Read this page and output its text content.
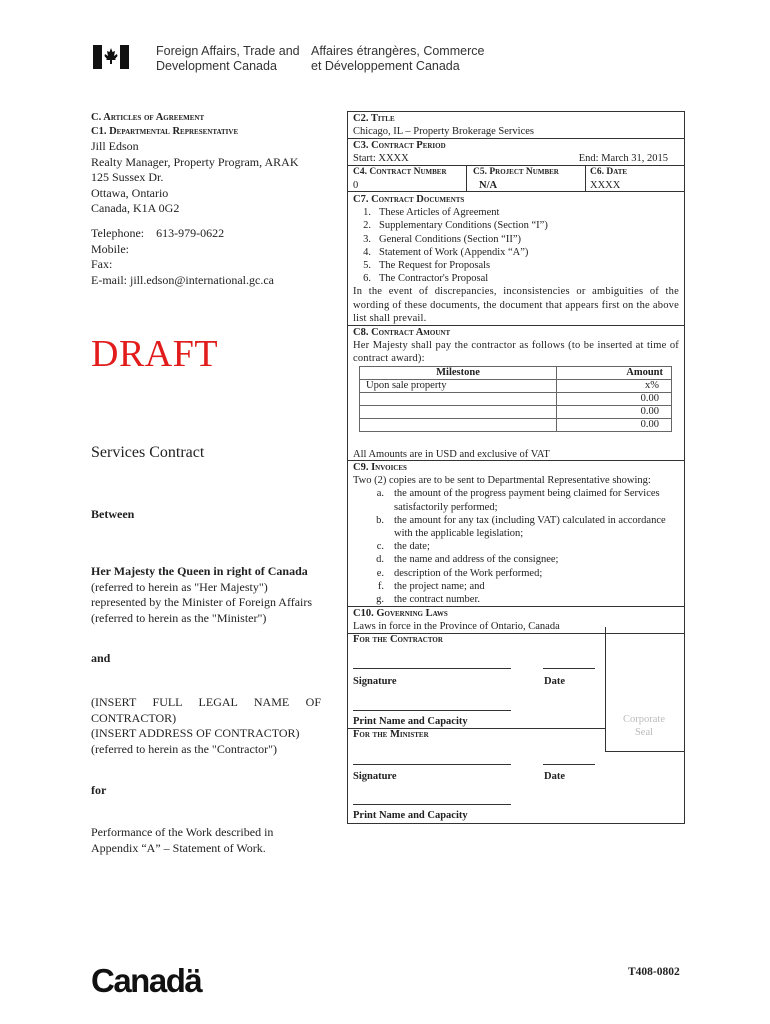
Foreign Affairs, Trade and
Development Canada
Affaires étrangères, Commerce
et Développement Canada
C. Articles of Agreement
C1. Departmental Representative
Jill Edson
Realty Manager, Property Program, ARAK
125 Sussex Dr.
Ottawa, Ontario
Canada, K1A 0G2
Telephone: 613-979-0622
Mobile:
Fax:
E-mail: jill.edson@international.gc.ca
DRAFT
Services Contract
Between
Her Majesty the Queen in right of Canada
(referred to herein as "Her Majesty")
represented by the Minister of Foreign Affairs
(referred to herein as the "Minister")
and
(INSERT FULL LEGAL NAME OF CONTRACTOR)
(INSERT ADDRESS OF CONTRACTOR)
(referred to herein as the "Contractor")
for
Performance of the Work described in
Appendix “A” – Statement of Work.
C2. Title
Chicago, IL – Property Brokerage Services
C3. Contract Period
Start: XXXX	End: March 31, 2015
C4. Contract Number
0
C5. Project Number
N/A
C6. Date
XXXX
C7. Contract Documents
1. These Articles of Agreement
2. Supplementary Conditions (Section “I”)
3. General Conditions (Section “II”)
4. Statement of Work (Appendix “A”)
5. The Request for Proposals
6. The Contractor's Proposal
In the event of discrepancies, inconsistencies or ambiguities of the wording of these documents, the document that appears first on the above list shall prevail.
C8. Contract Amount
Her Majesty shall pay the contractor as follows (to be inserted at time of contract award):
Milestone	Amount
Upon sale property	x%
	0.00
	0.00
	0.00
All Amounts are in USD and exclusive of VAT
C9. Invoices
Two (2) copies are to be sent to Departmental Representative showing:
a. the amount of the progress payment being claimed for Services satisfactorily performed;
b. the amount for any tax (including VAT) calculated in accordance with the applicable legislation;
c. the date;
d. the name and address of the consignee;
e. description of the Work performed;
f. the project name; and
g. the contract number.
C10. Governing Laws
Laws in force in the Province of Ontario, Canada
For the Contractor
Signature	Date
Print Name and Capacity
For the Minister
Signature	Date
Print Name and Capacity
Corporate
Seal
Canadä	T408-0802
